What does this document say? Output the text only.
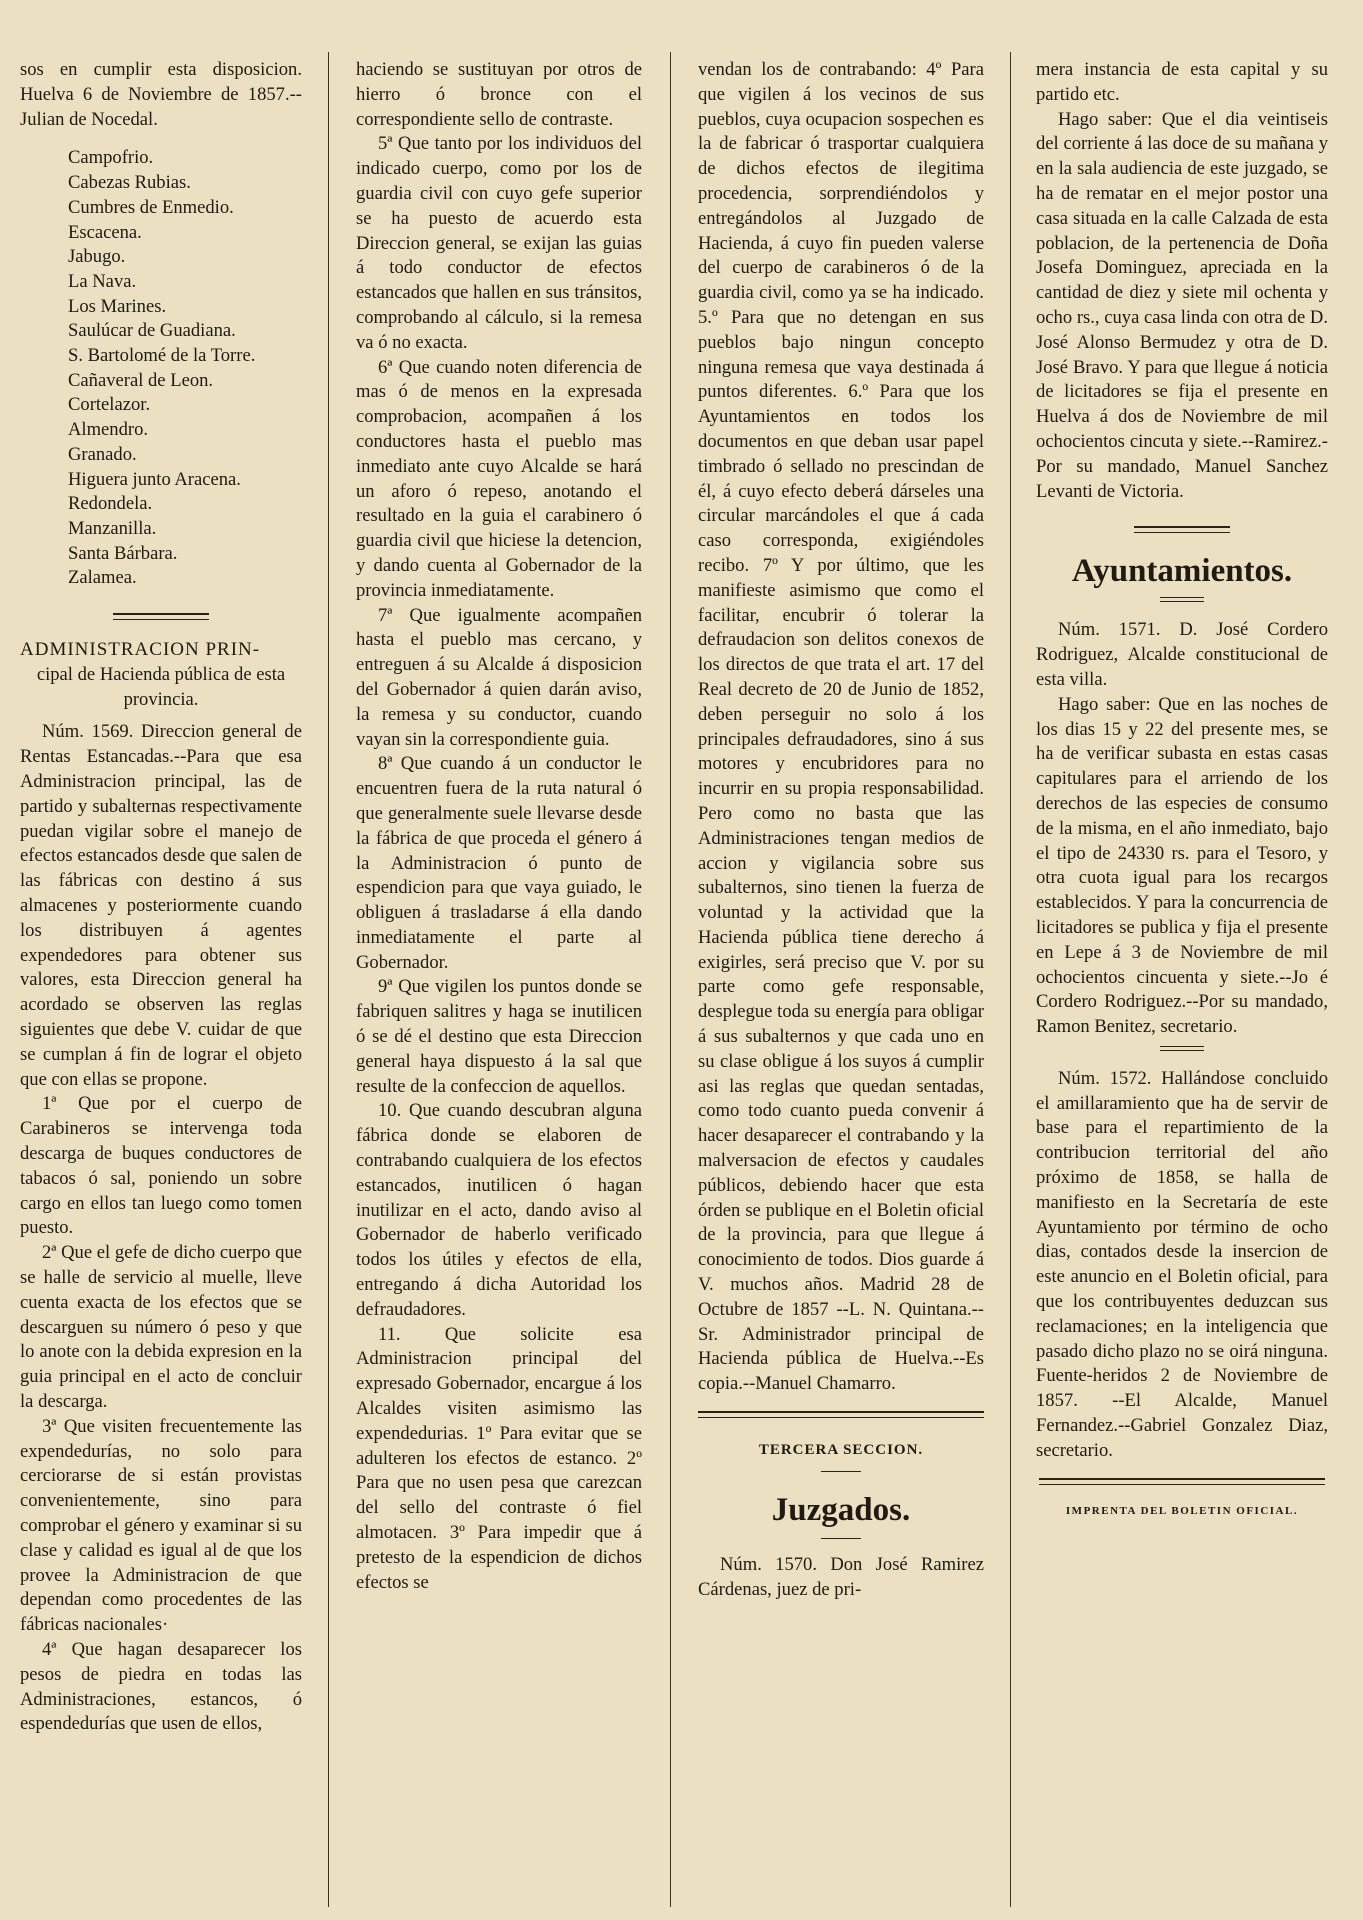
sos en cumplir esta disposicion. Huelva 6 de Noviembre de 1857.--Julian de Nocedal.

Campofrio.
Cabezas Rubias.
Cumbres de Enmedio.
Escacena.
Jabugo.
La Nava.
Los Marines.
Saulúcar de Guadiana.
S. Bartolomé de la Torre.
Cañaveral de Leon.
Cortelazor.
Almendro.
Granado.
Higuera junto Aracena.
Redondela.
Manzanilla.
Santa Bárbara.
Zalamea.

ADMINISTRACION PRIN-

cipal de Hacienda pública de esta provincia.

Núm. 1569. Direccion general de Rentas Estancadas.--Para que esa Administracion principal, las de partido y subalternas respectivamente puedan vigilar sobre el manejo de efectos estancados desde que salen de las fábricas con destino á sus almacenes y posteriormente cuando los distribuyen á agentes expendedores para obtener sus valores, esta Direccion general ha acordado se observen las reglas siguientes que debe V. cuidar de que se cumplan á fin de lograr el objeto que con ellas se propone.

1ª Que por el cuerpo de Carabineros se intervenga toda descarga de buques conductores de tabacos ó sal, poniendo un sobre cargo en ellos tan luego como tomen puesto.

2ª Que el gefe de dicho cuerpo que se halle de servicio al muelle, lleve cuenta exacta de los efectos que se descarguen su número ó peso y que lo anote con la debida expresion en la guia principal en el acto de concluir la descarga.

3ª Que visiten frecuentemente las expendedurías, no solo para cerciorarse de si están provistas convenientemente, sino para comprobar el género y examinar si su clase y calidad es igual al de que los provee la Administracion de que dependan como procedentes de las fábricas nacionales·

4ª Que hagan desaparecer los pesos de piedra en todas las Administraciones, estancos, ó espendedurías que usen de ellos,

haciendo se sustituyan por otros de hierro ó bronce con el correspondiente sello de contraste.

5ª Que tanto por los individuos del indicado cuerpo, como por los de guardia civil con cuyo gefe superior se ha puesto de acuerdo esta Direccion general, se exijan las guias á todo conductor de efectos estancados que hallen en sus tránsitos, comprobando al cálculo, si la remesa va ó no exacta.

6ª Que cuando noten diferencia de mas ó de menos en la expresada comprobacion, acompañen á los conductores hasta el pueblo mas inmediato ante cuyo Alcalde se hará un aforo ó repeso, anotando el resultado en la guia el carabinero ó guardia civil que hiciese la detencion, y dando cuenta al Gobernador de la provincia inmediatamente.

7ª Que igualmente acompañen hasta el pueblo mas cercano, y entreguen á su Alcalde á disposicion del Gobernador á quien darán aviso, la remesa y su conductor, cuando vayan sin la correspondiente guia.

8ª Que cuando á un conductor le encuentren fuera de la ruta natural ó que generalmente suele llevarse desde la fábrica de que proceda el género á la Administracion ó punto de espendicion para que vaya guiado, le obliguen á trasladarse á ella dando inmediatamente el parte al Gobernador.

9ª Que vigilen los puntos donde se fabriquen salitres y haga se inutilicen ó se dé el destino que esta Direccion general haya dispuesto á la sal que resulte de la confeccion de aquellos.

10. Que cuando descubran alguna fábrica donde se elaboren de contrabando cualquiera de los efectos estancados, inutilicen ó hagan inutilizar en el acto, dando aviso al Gobernador de haberlo verificado todos los útiles y efectos de ella, entregando á dicha Autoridad los defraudadores.

11. Que solicite esa Administracion principal del expresado Gobernador, encargue á los Alcaldes visiten asimismo las expendedurias. 1º Para evitar que se adulteren los efectos de estanco. 2º Para que no usen pesa que carezcan del sello del contraste ó fiel almotacen. 3º Para impedir que á pretesto de la espendicion de dichos efectos se

vendan los de contrabando: 4º Para que vigilen á los vecinos de sus pueblos, cuya ocupacion sospechen es la de fabricar ó trasportar cualquiera de dichos efectos de ilegitima procedencia, sorprendiéndolos y entregándolos al Juzgado de Hacienda, á cuyo fin pueden valerse del cuerpo de carabineros ó de la guardia civil, como ya se ha indicado. 5.º Para que no detengan en sus pueblos bajo ningun concepto ninguna remesa que vaya destinada á puntos diferentes. 6.º Para que los Ayuntamientos en todos los documentos en que deban usar papel timbrado ó sellado no prescindan de él, á cuyo efecto deberá dárseles una circular marcándoles el que á cada caso corresponda, exigiéndoles recibo. 7º Y por último, que les manifieste asimismo que como el facilitar, encubrir ó tolerar la defraudacion son delitos conexos de los directos de que trata el art. 17 del Real decreto de 20 de Junio de 1852, deben perseguir no solo á los principales defraudadores, sino á sus motores y encubridores para no incurrir en su propia responsabilidad. Pero como no basta que las Administraciones tengan medios de accion y vigilancia sobre sus subalternos, sino tienen la fuerza de voluntad y la actividad que la Hacienda pública tiene derecho á exigirles, será preciso que V. por su parte como gefe responsable, desplegue toda su energía para obligar á sus subalternos y que cada uno en su clase obligue á los suyos á cumplir asi las reglas que quedan sentadas, como todo cuanto pueda convenir á hacer desaparecer el contrabando y la malversacion de efectos y caudales públicos, debiendo hacer que esta órden se publique en el Boletin oficial de la provincia, para que llegue á conocimiento de todos. Dios guarde á V. muchos años. Madrid 28 de Octubre de 1857 --L. N. Quintana.--Sr. Administrador principal de Hacienda pública de Huelva.--Es copia.--Manuel Chamarro.

TERCERA SECCION.

Juzgados.

Núm. 1570. Don José Ramirez Cárdenas, juez de pri-

mera instancia de esta capital y su partido etc.

Hago saber: Que el dia veintiseis del corriente á las doce de su mañana y en la sala audiencia de este juzgado, se ha de rematar en el mejor postor una casa situada en la calle Calzada de esta poblacion, de la pertenencia de Doña Josefa Dominguez, apreciada en la cantidad de diez y siete mil ochenta y ocho rs., cuya casa linda con otra de D. José Alonso Bermudez y otra de D. José Bravo. Y para que llegue á noticia de licitadores se fija el presente en Huelva á dos de Noviembre de mil ochocientos cincuta y siete.--Ramirez.-Por su mandado, Manuel Sanchez Levanti de Victoria.

Ayuntamientos.

Núm. 1571. D. José Cordero Rodriguez, Alcalde constitucional de esta villa.

Hago saber: Que en las noches de los dias 15 y 22 del presente mes, se ha de verificar subasta en estas casas capitulares para el arriendo de los derechos de las especies de consumo de la misma, en el año inmediato, bajo el tipo de 24330 rs. para el Tesoro, y otra cuota igual para los recargos establecidos. Y para la concurrencia de licitadores se publica y fija el presente en Lepe á 3 de Noviembre de mil ochocientos cincuenta y siete.--Jo é Cordero Rodriguez.--Por su mandado, Ramon Benitez, secretario.

Núm. 1572. Hallándose concluido el amillaramiento que ha de servir de base para el repartimiento de la contribucion territorial del año próximo de 1858, se halla de manifiesto en la Secretaría de este Ayuntamiento por término de ocho dias, contados desde la insercion de este anuncio en el Boletin oficial, para que los contribuyentes deduzcan sus reclamaciones; en la inteligencia que pasado dicho plazo no se oirá ninguna. Fuente-heridos 2 de Noviembre de 1857. --El Alcalde, Manuel Fernandez.--Gabriel Gonzalez Diaz, secretario.

IMPRENTA DEL BOLETIN OFICIAL.
